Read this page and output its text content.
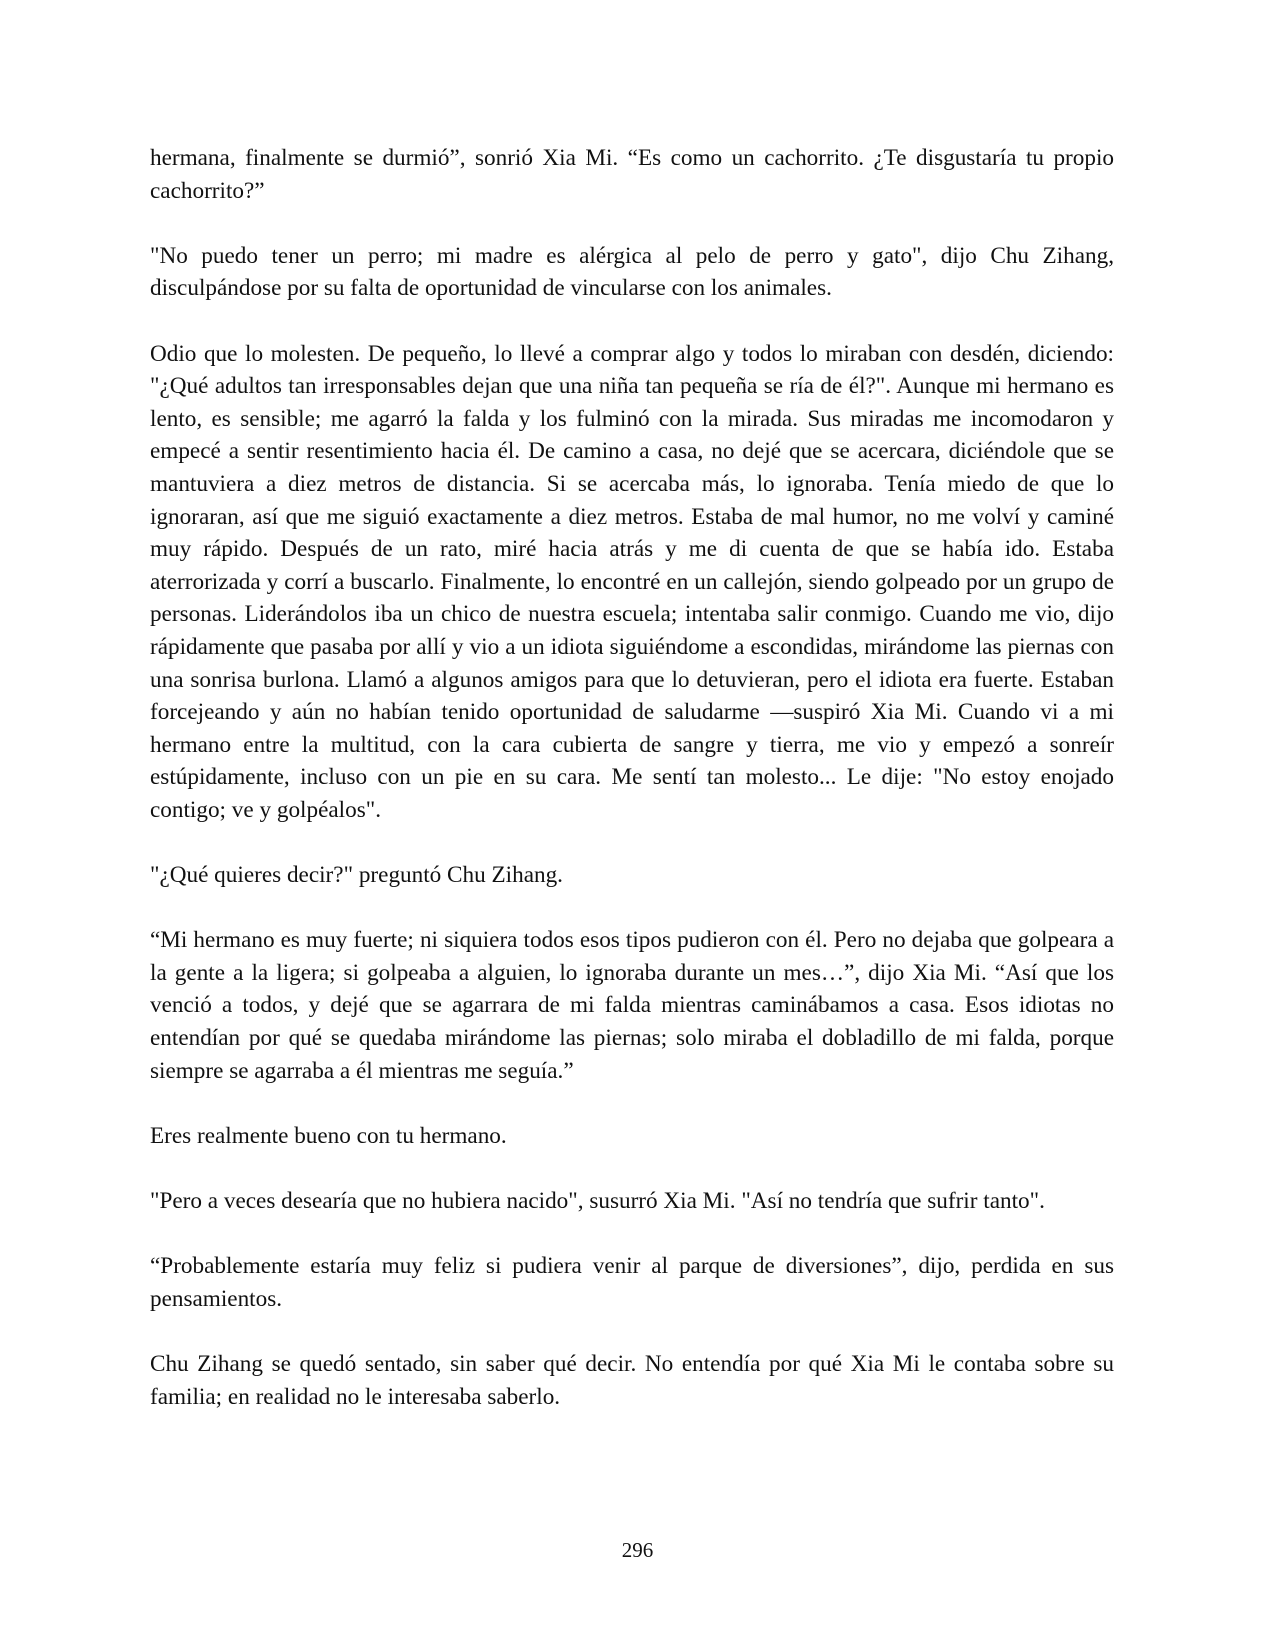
hermana, finalmente se durmió”, sonrió Xia Mi. “Es como un cachorrito. ¿Te disgustaría tu propio cachorrito?”

"No puedo tener un perro; mi madre es alérgica al pelo de perro y gato", dijo Chu Zihang, disculpándose por su falta de oportunidad de vincularse con los animales.

Odio que lo molesten. De pequeño, lo llevé a comprar algo y todos lo miraban con desdén, diciendo: "¿Qué adultos tan irresponsables dejan que una niña tan pequeña se ría de él?". Aunque mi hermano es lento, es sensible; me agarró la falda y los fulminó con la mirada. Sus miradas me incomodaron y empecé a sentir resentimiento hacia él. De camino a casa, no dejé que se acercara, diciéndole que se mantuviera a diez metros de distancia. Si se acercaba más, lo ignoraba. Tenía miedo de que lo ignoraran, así que me siguió exactamente a diez metros. Estaba de mal humor, no me volví y caminé muy rápido. Después de un rato, miré hacia atrás y me di cuenta de que se había ido. Estaba aterrorizada y corrí a buscarlo. Finalmente, lo encontré en un callejón, siendo golpeado por un grupo de personas. Liderándolos iba un chico de nuestra escuela; intentaba salir conmigo. Cuando me vio, dijo rápidamente que pasaba por allí y vio a un idiota siguiéndome a escondidas, mirándome las piernas con una sonrisa burlona. Llamó a algunos amigos para que lo detuvieran, pero el idiota era fuerte. Estaban forcejeando y aún no habían tenido oportunidad de saludarme —suspiró Xia Mi. Cuando vi a mi hermano entre la multitud, con la cara cubierta de sangre y tierra, me vio y empezó a sonreír estúpidamente, incluso con un pie en su cara. Me sentí tan molesto... Le dije: "No estoy enojado contigo; ve y golpéalos".

"¿Qué quieres decir?" preguntó Chu Zihang.

“Mi hermano es muy fuerte; ni siquiera todos esos tipos pudieron con él. Pero no dejaba que golpeara a la gente a la ligera; si golpeaba a alguien, lo ignoraba durante un mes…”, dijo Xia Mi. “Así que los venció a todos, y dejé que se agarrara de mi falda mientras caminábamos a casa. Esos idiotas no entendían por qué se quedaba mirándome las piernas; solo miraba el dobladillo de mi falda, porque siempre se agarraba a él mientras me seguía.”

Eres realmente bueno con tu hermano.

"Pero a veces desearía que no hubiera nacido", susurró Xia Mi. "Así no tendría que sufrir tanto".

“Probablemente estaría muy feliz si pudiera venir al parque de diversiones”, dijo, perdida en sus pensamientos.

Chu Zihang se quedó sentado, sin saber qué decir. No entendía por qué Xia Mi le contaba sobre su familia; en realidad no le interesaba saberlo.

296
